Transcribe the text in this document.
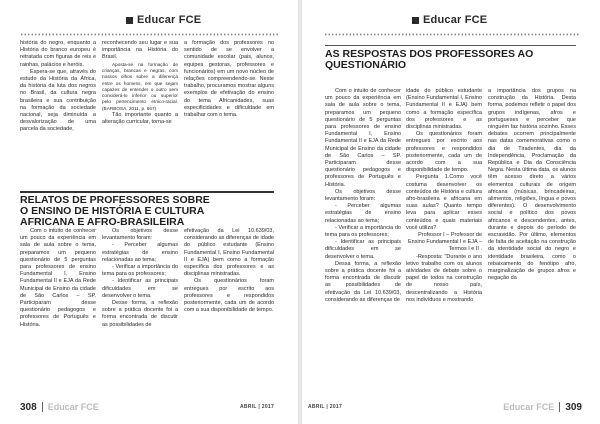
Educar FCE

história do negro, enquanto a História do branco europeu é retratada com figuras de reis e rainhas, palácios e heróis.

Espera-se que, através do estudo da História da África, da história da luta dos negros no Brasil, da cultura negra brasileira e sua contribuição na formação da sociedade nacional, seja diminuída a desvalorização de uma parcela da sociedade,

reconhecendo seu lugar e sua importância na História do Brasil.

Aposta-se na formação de crianças, brancas e negras, com nossos olhos sobre a diferença entre os homens, em que sejam capazes de entender o outro sem considerá-lo inferior ou superior pelo pertencimento étnico-racial. (BARBOSA, 2011, p. 667)

Tão importante quanto a alteração curricular, torna-se

a formação dos professores no sentido de se envolver a comunidade escolar (pais, alunos, equipes gestoras, professores e funcionários) em um novo núcleo de relações compreendendo-se. Neste trabalho, procuramos mostrar alguns exemplos de efetivação do ensino do tema Africanidades, suas especificidades e dificuldade em trabalhar com o tema.

RELATOS DE PROFESSORES SOBRE
O ENSINO DE HISTÓRIA E CULTURA
AFRICANA E AFRO-BRASILEIRA

Com o intuito de conhecer um pouco da experiência em sala de aula sobre o tema, preparamos um pequeno questionário de 5 perguntas para professores de ensino Fundamental I, Ensino Fundamental II e EJA da Rede Municipal de Ensino da cidade de São Carlos – SP. Participaram desse questionário pedagogos e professores de Português e História.

Os objetivos desse levantamento foram:

- Perceber algumas estratégias de ensino relacionadas ao tema;

- Verificar a importância do tema para os professores;

- Identificar as principais dificuldades em se desenvolver o tema.

Desse forma, a reflexão sobre a prática docente foi a forma encontrada de discutir as possibilidades de

efetivação da Lei 10.639/03, considerando as diferenças de idade do público estudante (Ensino Fundamental I, Ensino Fundamental II e EJA) bem como a formação específica dos professores e as disciplinas ministradas.

Os questionários foram entregues por escrito aos professores e respondidos posteriormente, cada um de acordo com a sua disponibilidade de tempo.

308 Educar FCE	ABRIL | 2017
Educar FCE
AS RESPOSTAS DOS PROFESSORES AO
QUESTIONÁRIO

Com o intuito de conhecer um pouco da experiência em sala de aula sobre o tema, preparamos um pequeno questionário de 5 perguntas para professores de ensino Fundamental I, Ensino Fundamental II e EJA da Rede Municipal de Ensino da cidade de São Carlos – SP. Participaram desse questionário pedagogos e professores de Português e História.

Os objetivos desse levantamento foram:

- Perceber algumas estratégias de ensino relacionadas ao tema;

- Verificar a importância do tema para os professores;

- Identificar as principais dificuldades em se desenvolver o tema.

Dessa forma, a reflexão sobre a prática docente foi a forma encontrada de discutir as possibilidades de efetivação da Lei 10.639/03, considerando as diferenças de

idade do público estudante (Ensino Fundamental I, Ensino Fundamental II e EJA) bem como a formação específica dos professores e as disciplinas ministradas.

Os questionários foram entregues por escrito aos professores e respondidos posteriormente, cada um de acordo com a sua disponibilidade de tempo.

Pergunta 1.Como você costuma desenvolver os conteúdos de História e cultura afro-brasileira e africana em suas aulas? Quanto tempo leva para aplicar esses conteúdos e quais materiais você utiliza?

Professor I – Professor de Ensino Fundamental I e EJA – Termos I e II .

-Resposta: "Durante o ano letivo trabalho com os alunos atividades de debate sobre o papel de todos na construção de nosso país, descentralizando a História nos indivíduos e mostrando

a importância dos grupos na construção da História. Desta forma, podemos refletir o papel dos grupos indígenas, afros e portugueses e perceber que ninguém faz história sozinho. Esses debates ocorrem principalmente nas datas comemorativas como o dia de Tiradentes, dia da Independência, Proclamação da República e Dia da Consciência Negra. Nesta última data, os alunos têm acesso direto a vários elementos culturais de origem africana (músicas, brincadeiras, alimentos, religiões, língua e povos diferentes). O desenvolvimento social e político dos povos africanos e descendentes, antes, durante e depois do período de escravidão. Por último, elementos de falta de aceitação na construção da identidade social do negro e identidade brasileira, como o rebaixamento do fenótipo afro, marginalização de grupos afros e negação da

ABRIL | 2017	Educar FCE 309
